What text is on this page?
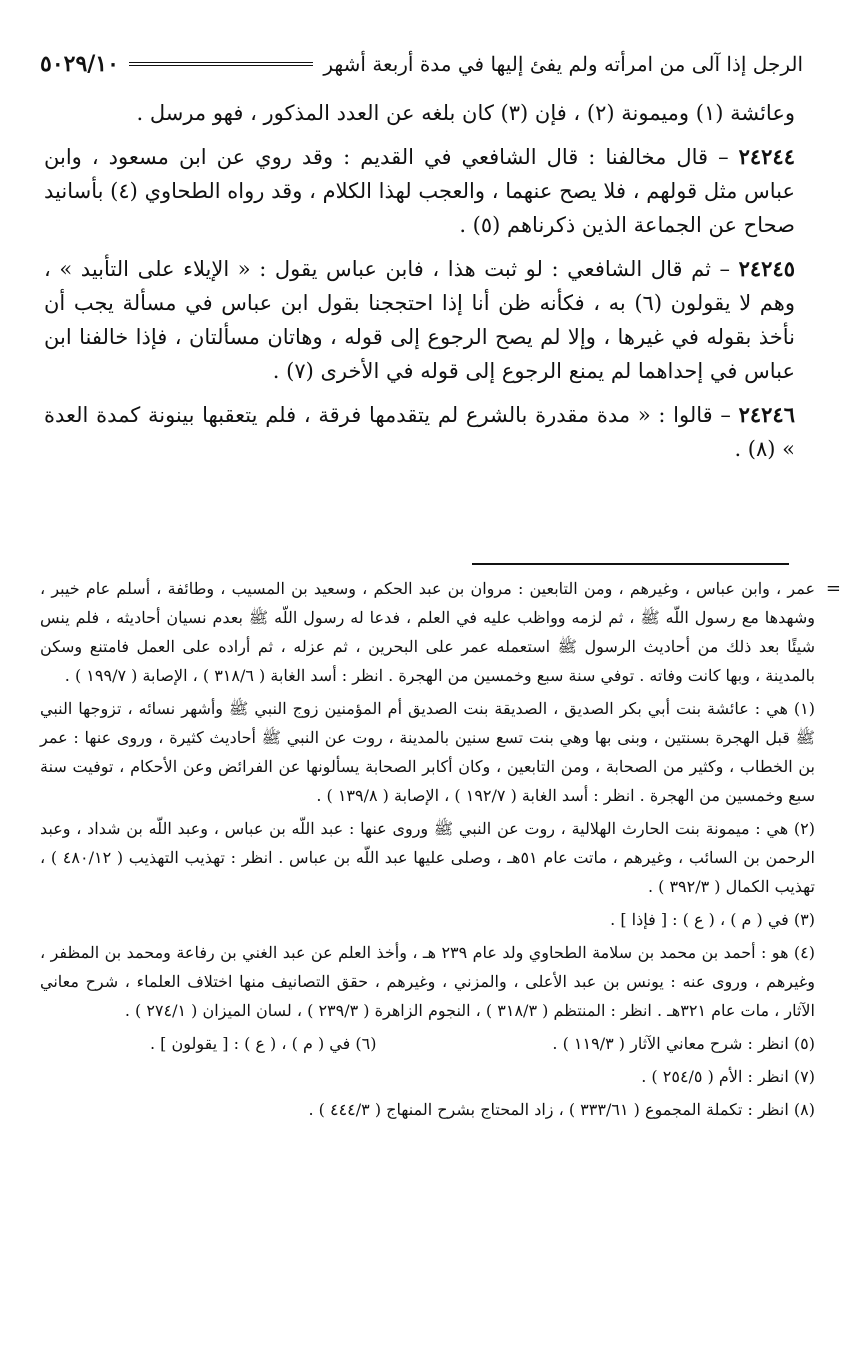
الرجل إذا آلى من امرأته ولم يفئ إليها في مدة أربعة أشهر
٥٠٢٩/١٠

وعائشة (١) وميمونة (٢) ، فإن (٣) كان بلغه عن العدد المذكور ، فهو مرسل .

٢٤٢٤٤ – قال مخالفنا : قال الشافعي في القديم : وقد روي عن ابن مسعود ، وابن عباس مثل قولهم ، فلا يصح عنهما ، والعجب لهذا الكلام ، وقد رواه الطحاوي (٤) بأسانيد صحاح عن الجماعة الذين ذكرناهم (٥) .

٢٤٢٤٥ – ثم قال الشافعي : لو ثبت هذا ، فابن عباس يقول : « الإيلاء على التأبيد » ، وهم لا يقولون (٦) به ، فكأنه ظن أنا إذا احتججنا بقول ابن عباس في مسألة يجب أن نأخذ بقوله في غيرها ، وإلا لم يصح الرجوع إلى قوله ، وهاتان مسألتان ، فإذا خالفنا ابن عباس في إحداهما لم يمنع الرجوع إلى قوله في الأخرى (٧) .

٢٤٢٤٦ – قالوا : « مدة مقدرة بالشرع لم يتقدمها فرقة ، فلم يتعقبها بينونة كمدة العدة » (٨) .

=
عمر ، وابن عباس ، وغيرهم ، ومن التابعين : مروان بن عبد الحكم ، وسعيد بن المسيب ، وطائفة ، أسلم عام خيبر ، وشهدها مع رسول اللّه ﷺ ، ثم لزمه وواظب عليه في العلم ، فدعا له رسول اللّه ﷺ بعدم نسيان أحاديثه ، فلم ينس شيئًا بعد ذلك من أحاديث الرسول ﷺ استعمله عمر على البحرين ، ثم عزله ، ثم أراده على العمل فامتنع وسكن بالمدينة ، وبها كانت وفاته . توفي سنة سبع وخمسين من الهجرة . انظر : أسد الغابة ( ٣١٨/٦ ) ، الإصابة ( ١٩٩/٧ ) .

(١) هي : عائشة بنت أبي بكر الصديق ، الصديقة بنت الصديق أم المؤمنين زوج النبي ﷺ وأشهر نسائه ، تزوجها النبي ﷺ قبل الهجرة بسنتين ، وبنى بها وهي بنت تسع سنين بالمدينة ، روت عن النبي ﷺ أحاديث كثيرة ، وروى عنها : عمر بن الخطاب ، وكثير من الصحابة ، ومن التابعين ، وكان أكابر الصحابة يسألونها عن الفرائض وعن الأحكام ، توفيت سنة سبع وخمسين من الهجرة . انظر : أسد الغابة ( ١٩٢/٧ ) ، الإصابة ( ١٣٩/٨ ) .

(٢) هي : ميمونة بنت الحارث الهلالية ، روت عن النبي ﷺ وروى عنها : عبد اللّه بن عباس ، وعبد اللّه بن شداد ، وعبد الرحمن بن السائب ، وغيرهم ، ماتت عام ٥١هـ ، وصلى عليها عبد اللّه بن عباس . انظر : تهذيب التهذيب ( ٤٨٠/١٢ ) ، تهذيب الكمال ( ٣٩٢/٣ ) .

(٣) في ( م ) ، ( ع ) : [ فإذا ] .

(٤) هو : أحمد بن محمد بن سلامة الطحاوي ولد عام ٢٣٩ هـ ، وأخذ العلم عن عبد الغني بن رفاعة ومحمد بن المظفر ، وغيرهم ، وروى عنه : يونس بن عبد الأعلى ، والمزني ، وغيرهم ، حقق التصانيف منها اختلاف العلماء ، شرح معاني الآثار ، مات عام ٣٢١هـ . انظر : المنتظم ( ٣١٨/٣ ) ، النجوم الزاهرة ( ٢٣٩/٣ ) ، لسان الميزان ( ٢٧٤/١ ) .

(٥) انظر : شرح معاني الآثار ( ١١٩/٣ ) .
(٦) في ( م ) ، ( ع ) : [ يقولون ] .

(٧) انظر : الأم ( ٢٥٤/٥ ) .

(٨) انظر : تكملة المجموع ( ٣٣٣/٦١ ) ، زاد المحتاج بشرح المنهاج ( ٤٤٤/٣ ) .
